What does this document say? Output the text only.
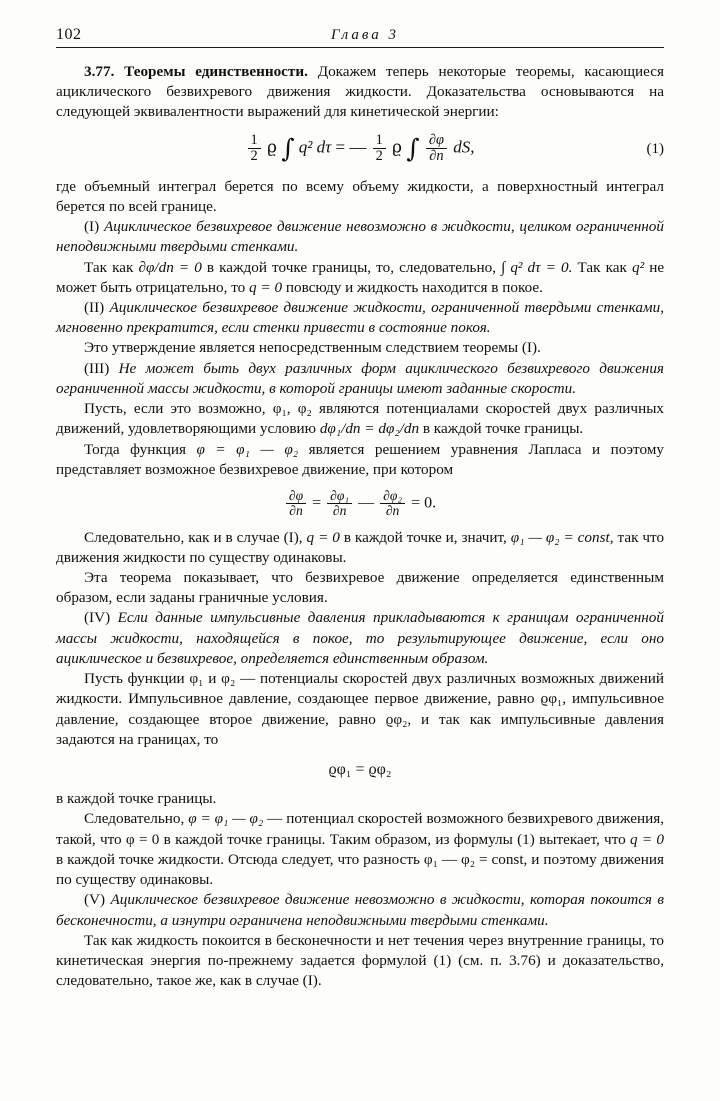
102	Глава 3

3.77. Теоремы единственности. Докажем теперь некоторые теоремы, касающиеся ациклического безвихревого движения жидкости. Доказательства основываются на следующей эквивалентности выражений для кинетической энергии:

$\frac{1}{2}$ ϱ ∫ q² dτ = — $\frac{1}{2}$ ϱ ∫ $\frac{\partial\varphi}{\partial n}$ dS,	(1)

где объемный интеграл берется по всему объему жидкости, а поверхностный интеграл берется по всей границе.

(I) Ациклическое безвихревое движение невозможно в жидкости, целиком ограниченной неподвижными твердыми стенками.

Так как ∂φ/dn = 0 в каждой точке границы, то, следовательно, ∫ q² dτ = 0. Так как q² не может быть отрицательно, то q = 0 повсюду и жидкость находится в покое.

(II) Ациклическое безвихревое движение жидкости, ограниченной твердыми стенками, мгновенно прекратится, если стенки привести в состояние покоя.

Это утверждение является непосредственным следствием теоремы (I).

(III) Не может быть двух различных форм ациклического безвихревого движения ограниченной массы жидкости, в которой границы имеют заданные скорости.

Пусть, если это возможно, φ₁, φ₂ являются потенциалами скоростей двух различных движений, удовлетворяющими условию dφ₁/dn = dφ₂/dn в каждой точке границы.

Тогда функция φ = φ₁ — φ₂ является решением уравнения Лапласа и поэтому представляет возможное безвихревое движение, при котором

$\frac{\partial\varphi}{\partial n} = \frac{\text{∂φ₁}}{\partial n}$ — $\frac{\text{∂φ₂}}{\partial n} = 0$.

Следовательно, как и в случае (I), q = 0 в каждой точке и, значит, φ₁ — φ₂ = const, так что движения жидкости по существу одинаковы.

Эта теорема показывает, что безвихревое движение определяется единственным образом, если заданы граничные условия.

(IV) Если данные импульсивные давления прикладываются к границам ограниченной массы жидкости, находящейся в покое, то результирующее движение, если оно ациклическое и безвихревое, определяется единственным образом.

Пусть функции φ₁ и φ₂ — потенциалы скоростей двух различных возможных движений жидкости. Импульсивное давление, создающее первое движение, равно ϱφ₁, импульсивное давление, создающее второе движение, равно ϱφ₂, и так как импульсивные давления задаются на границах, то

ϱφ₁ = ϱφ₂

в каждой точке границы.

Следовательно, φ = φ₁ — φ₂ — потенциал скоростей возможного безвихревого движения, такой, что φ = 0 в каждой точке границы. Таким образом, из формулы (1) вытекает, что q = 0 в каждой точке жидкости. Отсюда следует, что разность φ₁ — φ₂ = const, и поэтому движения по существу одинаковы.

(V) Ациклическое безвихревое движение невозможно в жидкости, которая покоится в бесконечности, а изнутри ограничена неподвижными твердыми стенками.

Так как жидкость покоится в бесконечности и нет течения через внутренние границы, то кинетическая энергия по-прежнему задается формулой (1) (см. п. 3.76) и доказательство, следовательно, такое же, как в случае (I).
